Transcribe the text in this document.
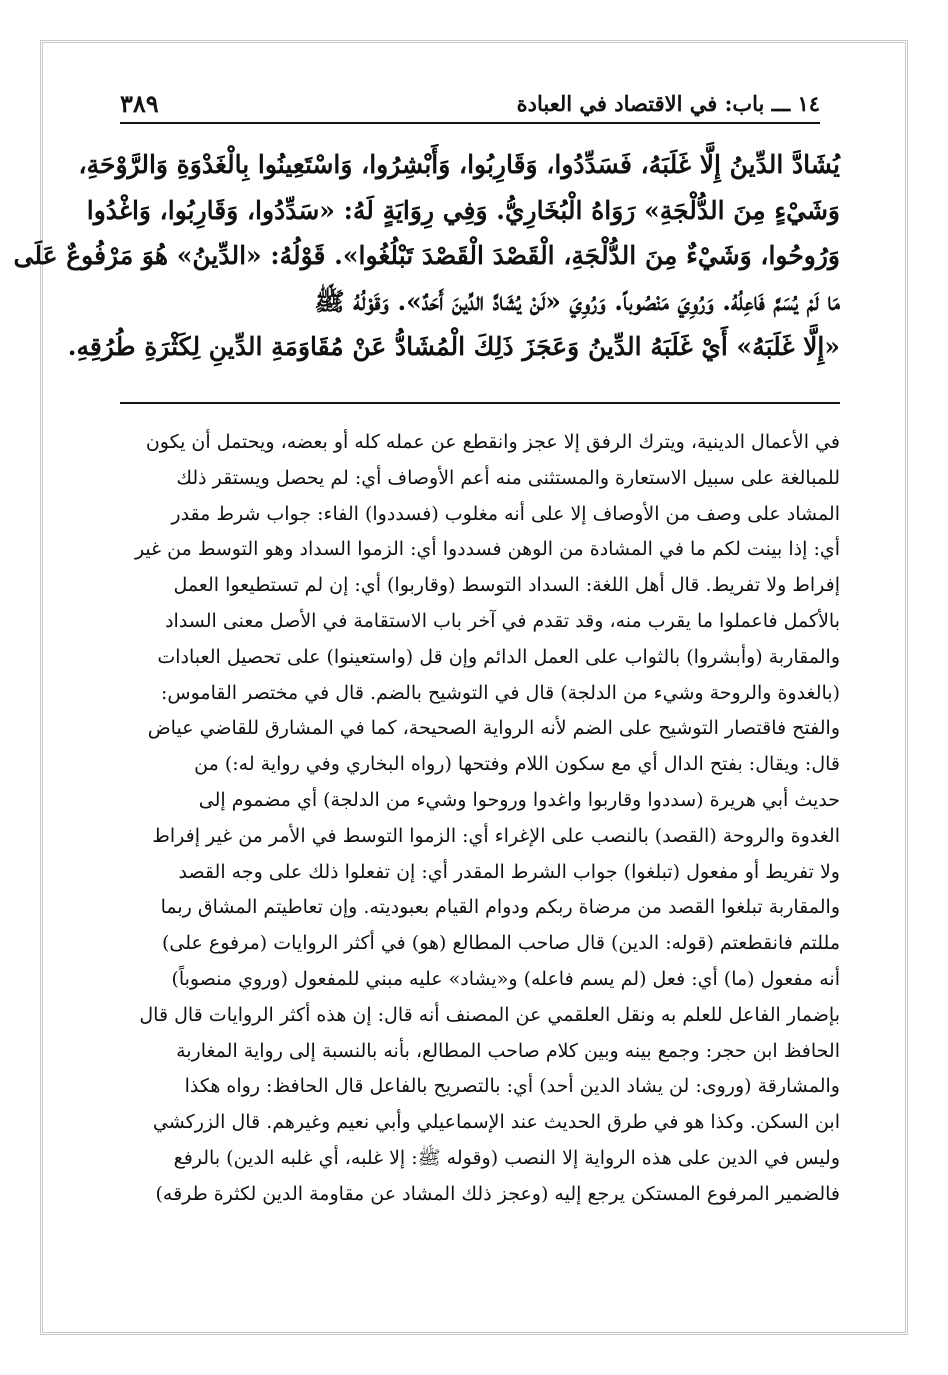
١٤ ـــ باب: في الاقتصاد في العبادة
٣٨٩

يُشَادَّ الدِّينُ إِلَّا غَلَبَهُ، فَسَدِّدُوا، وَقَارِبُوا، وَأَبْشِرُوا، وَاسْتَعِينُوا بِالْغَدْوَةِ وَالرَّوْحَةِ،

وَشَيْءٍ مِنَ الدُّلْجَةِ» رَوَاهُ الْبُخَارِيُّ. وَفِي رِوَايَةٍ لَهُ: «سَدِّدُوا، وَقَارِبُوا، وَاغْدُوا

وَرُوحُوا، وَشَيْءٌ مِنَ الدُّلْجَةِ، الْقَصْدَ الْقَصْدَ تَبْلُغُوا». قَوْلُهُ: «الدِّينُ» هُوَ مَرْفُوعٌ عَلَى

مَا لَمْ يُسَمَّ فَاعِلُهُ. وَرُوِيَ مَنْصُوباً. وَرُوِيَ «لَنْ يُشَادَّ الدِّينَ أَحَدٌ». وَقَوْلُهُ ﷺ

«إِلَّا غَلَبَهُ» أَيْ غَلَبَهُ الدِّينُ وَعَجَزَ ذَلِكَ الْمُشَادُّ عَنْ مُقَاوَمَةِ الدِّينِ لِكَثْرَةِ طُرُقِهِ.

في الأعمال الدينية، ويترك الرفق إلا عجز وانقطع عن عمله كله أو بعضه، ويحتمل أن يكون

للمبالغة على سبيل الاستعارة والمستثنى منه أعم الأوصاف أي: لم يحصل ويستقر ذلك

المشاد على وصف من الأوصاف إلا على أنه مغلوب (فسددوا) الفاء: جواب شرط مقدر

أي: إذا بينت لكم ما في المشادة من الوهن فسددوا أي: الزموا السداد وهو التوسط من غير

إفراط ولا تفريط. قال أهل اللغة: السداد التوسط (وقاربوا) أي: إن لم تستطيعوا العمل

بالأكمل فاعملوا ما يقرب منه، وقد تقدم في آخر باب الاستقامة في الأصل معنى السداد

والمقاربة (وأبشروا) بالثواب على العمل الدائم وإن قل (واستعينوا) على تحصيل العبادات

(بالغدوة والروحة وشيء من الدلجة) قال في التوشيح بالضم. قال في مختصر القاموس:

والفتح فاقتصار التوشيح على الضم لأنه الرواية الصحيحة، كما في المشارق للقاضي عياض

قال: ويقال: بفتح الدال أي مع سكون اللام وفتحها (رواه البخاري وفي رواية له:) من

حديث أبي هريرة (سددوا وقاربوا واغدوا وروحوا وشيء من الدلجة) أي مضموم إلى

الغدوة والروحة (القصد) بالنصب على الإغراء أي: الزموا التوسط في الأمر من غير إفراط

ولا تفريط أو مفعول (تبلغوا) جواب الشرط المقدر أي: إن تفعلوا ذلك على وجه القصد

والمقاربة تبلغوا القصد من مرضاة ربكم ودوام القيام بعبوديته. وإن تعاطيتم المشاق ربما

مللتم فانقطعتم (قوله: الدين) قال صاحب المطالع (هو) في أكثر الروايات (مرفوع على)

أنه مفعول (ما) أي: فعل (لم يسم فاعله) و«يشاد» عليه مبني للمفعول (وروي منصوباً)

بإضمار الفاعل للعلم به ونقل العلقمي عن المصنف أنه قال: إن هذه أكثر الروايات قال قال

الحافظ ابن حجر: وجمع بينه وبين كلام صاحب المطالع، بأنه بالنسبة إلى رواية المغاربة

والمشارقة (وروى: لن يشاد الدين أحد) أي: بالتصريح بالفاعل قال الحافظ: رواه هكذا

ابن السكن. وكذا هو في طرق الحديث عند الإسماعيلي وأبي نعيم وغيرهم. قال الزركشي

وليس في الدين على هذه الرواية إلا النصب (وقوله ﷺ: إلا غلبه، أي غلبه الدين) بالرفع

فالضمير المرفوع المستكن يرجع إليه (وعجز ذلك المشاد عن مقاومة الدين لكثرة طرقه)
